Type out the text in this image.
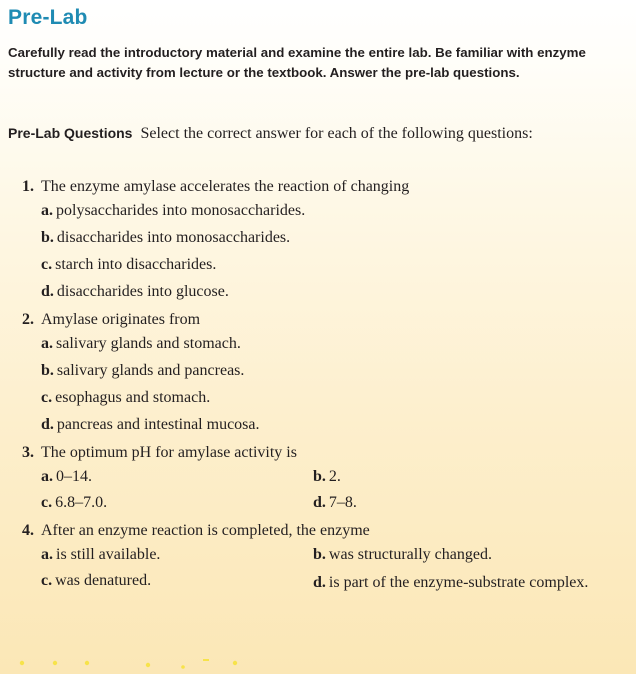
Pre-Lab

Carefully read the introductory material and examine the entire lab. Be familiar with enzyme structure and activity from lecture or the textbook. Answer the pre-lab questions.

Pre-Lab Questions Select the correct answer for each of the following questions:

1. The enzyme amylase accelerates the reaction of changing
a. polysaccharides into monosaccharides.
b. disaccharides into monosaccharides.
c. starch into disaccharides.
d. disaccharides into glucose.
2. Amylase originates from
a. salivary glands and stomach.
b. salivary glands and pancreas.
c. esophagus and stomach.
d. pancreas and intestinal mucosa.
3. The optimum pH for amylase activity is
a. 0–14.	b. 2.
c. 6.8–7.0.	d. 7–8.
4. After an enzyme reaction is completed, the enzyme
a. is still available.	b. was structurally changed.
c. was denatured.	d. is part of the enzyme-substrate complex.
